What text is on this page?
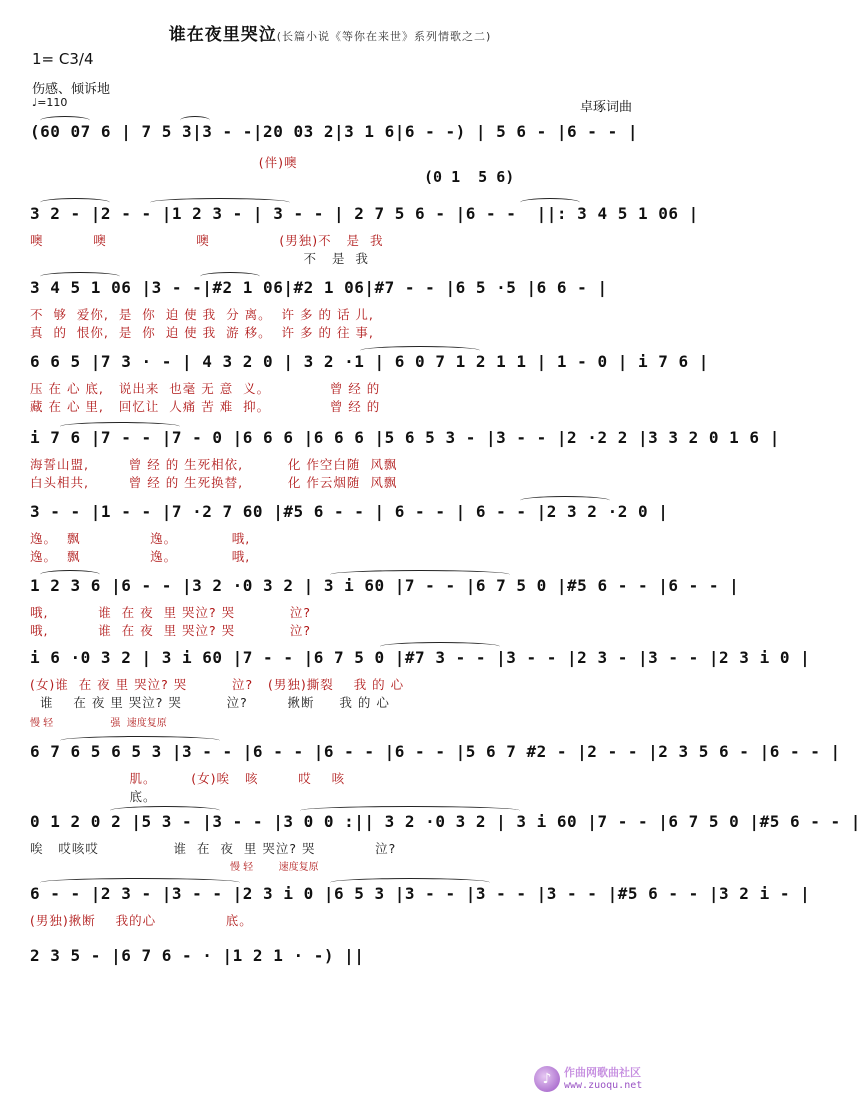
谁在夜里哭泣(长篇小说《等你在来世》系列情歌之二)
1= C3/4
伤感、倾诉地
♩=110	卓琢词曲
(0 1  5 6)
(60 07 6 | 7 5 3|3 - -|20 03 2|3 1 6|6 - -) | 5 6 - |6 - - |
(伴)噢
3 2 - |2 - - |1 2 3 - | 3 - - | 2 7 5 6 - |6 - -  ||: 3 4 5 1 06 |
噢          噢                  噢              (男独)不   是  我
不   是  我
3 4 5 1 06 |3 - -|#2 1 06|#2 1 06|#7 - - |6 5 ·5 |6 6 - |
不  够  爱你,  是  你  迫 使 我  分 离。  许 多 的 话 儿,
真  的  恨你,  是  你  迫 使 我  游 移。  许 多 的 往 事,
6 6 5 |7 3 · - | 4 3 2 0 | 3 2 ·1 | 6 0 7 1 2 1 1 | 1 - 0 | i 7 6 |
压 在 心 底,   说出来  也毫 无 意  义。            曾 经 的
藏 在 心 里,   回忆让  人痛 苦 难  抑。            曾 经 的
i 7 6 |7 - - |7 - 0 |6 6 6 |6 6 6 |5 6 5 3 - |3 - - |2 ·2 2 |3 3 2 0 1 6 |
海誓山盟,        曾 经 的 生死相依,         化 作空白随  风飘
白头相共,        曾 经 的 生死换替,         化 作云烟随  风飘
3 - - |1 - - |7 ·2 7 60 |#5 6 - - | 6 - - | 6 - - |2 3 2 ·2 0 |
逸。  飘              逸。           哦,
逸。  飘              逸。           哦,
1 2 3 6 |6 - - |3 2 ·0 3 2 | 3 i 60 |7 - - |6 7 5 0 |#5 6 - - |6 - - |
哦,          谁  在 夜  里 哭泣? 哭           泣?
哦,          谁  在 夜  里 哭泣? 哭           泣?
i 6 ·0 3 2 | 3 i 60 |7 - - |6 7 5 0 |#7 3 - - |3 - - |2 3 - |3 - - |2 3 i 0 |
(女)谁  在 夜 里 哭泣? 哭         泣?   (男独)撕裂    我 的 心
谁    在 夜 里 哭泣? 哭         泣?        揪断     我 的 心
慢 轻                  强  速度复原
6 7 6 5 6 5 3 |3 - - |6 - - |6 - - |6 - - |5 6 7 #2 - |2 - - |2 3 5 6 - |6 - - |
肌。       (女)唉   咳        哎    咳
底。
0 1 2 0 2 |5 3 - |3 - - |3 0 0 :|| 3 2 ·0 3 2 | 3 i 60 |7 - - |6 7 5 0 |#5 6 - - |
唉   哎咳哎               谁  在  夜  里 哭泣? 哭            泣?
慢 轻        速度复原
6 - - |2 3 - |3 - - |2 3 i 0 |6 5 3 |3 - - |3 - - |3 - - |#5 6 - - |3 2 i - |
(男独)揪断    我的心              底。
2 3 5 - |6 7 6 - · |1 2 1 · -) ||
♪	作曲网歌曲社区
www.zuoqu.net
